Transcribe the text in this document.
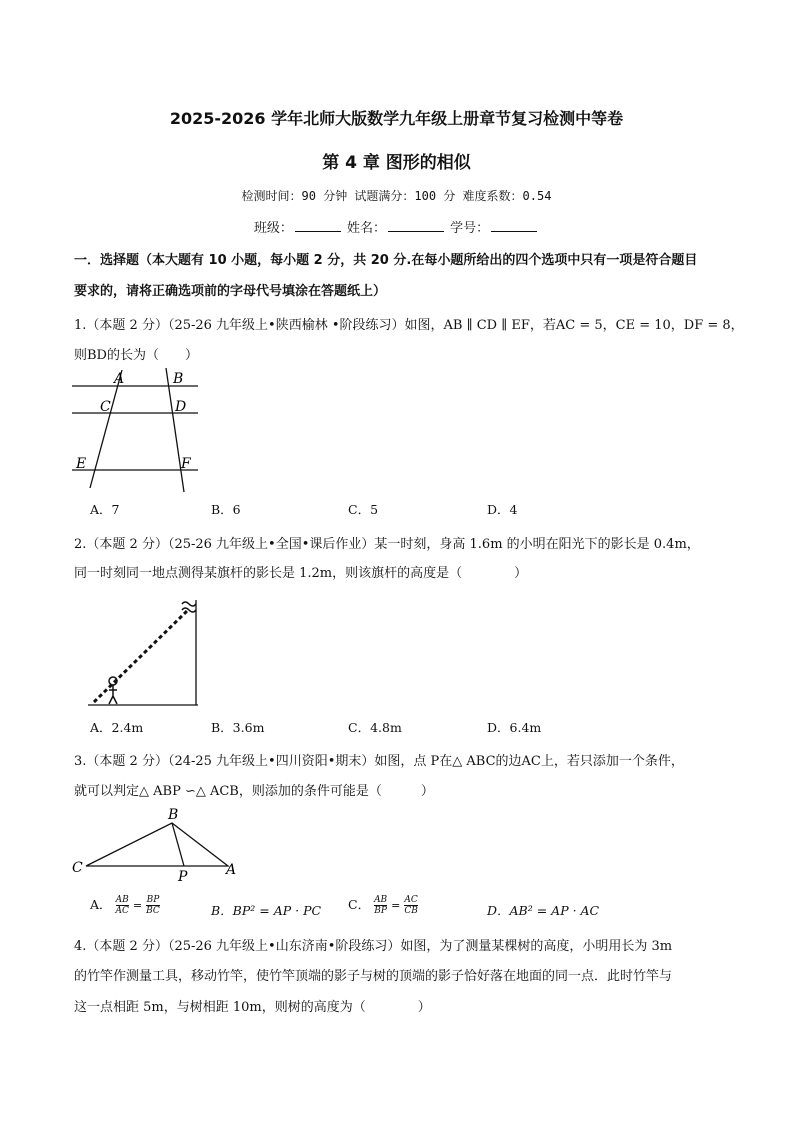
2025-2026 学年北师大版数学九年级上册章节复习检测中等卷
第 4 章 图形的相似
检测时间：90 分钟 试题满分：100 分 难度系数：0.54
班级：	姓名：	学号：
一．选择题（本大题有 10 小题，每小题 2 分，共 20 分.在每小题所给出的四个选项中只有一项是符合题目
要求的，请将正确选项前的字母代号填涂在答题纸上）
1.（本题 2 分）（25-26 九年级上•陕西榆林 •阶段练习）如图，AB ∥ CD ∥ EF，若AC = 5，CE = 10，DF = 8，
则BD的长为（　　）
A	B
C	D
E	F
A．7	B．6	C．5	D．4
2.（本题 2 分）（25-26 九年级上•全国•课后作业）某一时刻，身高 1.6m 的小明在阳光下的影长是 0.4m，
同一时刻同一地点测得某旗杆的影长是 1.2m，则该旗杆的高度是（　　　　）
A．2.4m	B．3.6m	C．4.8m	D．6.4m
3.（本题 2 分）（24-25 九年级上•四川资阳•期末）如图，点 P在△ ABC的边AC上，若只添加一个条件，
就可以判定△ ABP ∽△ ACB，则添加的条件可能是（　　　）
B
C
P	A
A． $\frac{AB}{AC} = \frac{BP}{BC}$	B．BP² = AP · PC C． $\frac{AB}{BP} = \frac{AC}{CB}$	D．AB² = AP · AC
4.（本题 2 分）（25-26 九年级上•山东济南•阶段练习）如图，为了测量某棵树的高度，小明用长为 3m
的竹竿作测量工具，移动竹竿，使竹竿顶端的影子与树的顶端的影子恰好落在地面的同一点．此时竹竿与
这一点相距 5m，与树相距 10m，则树的高度为（　　　　）
